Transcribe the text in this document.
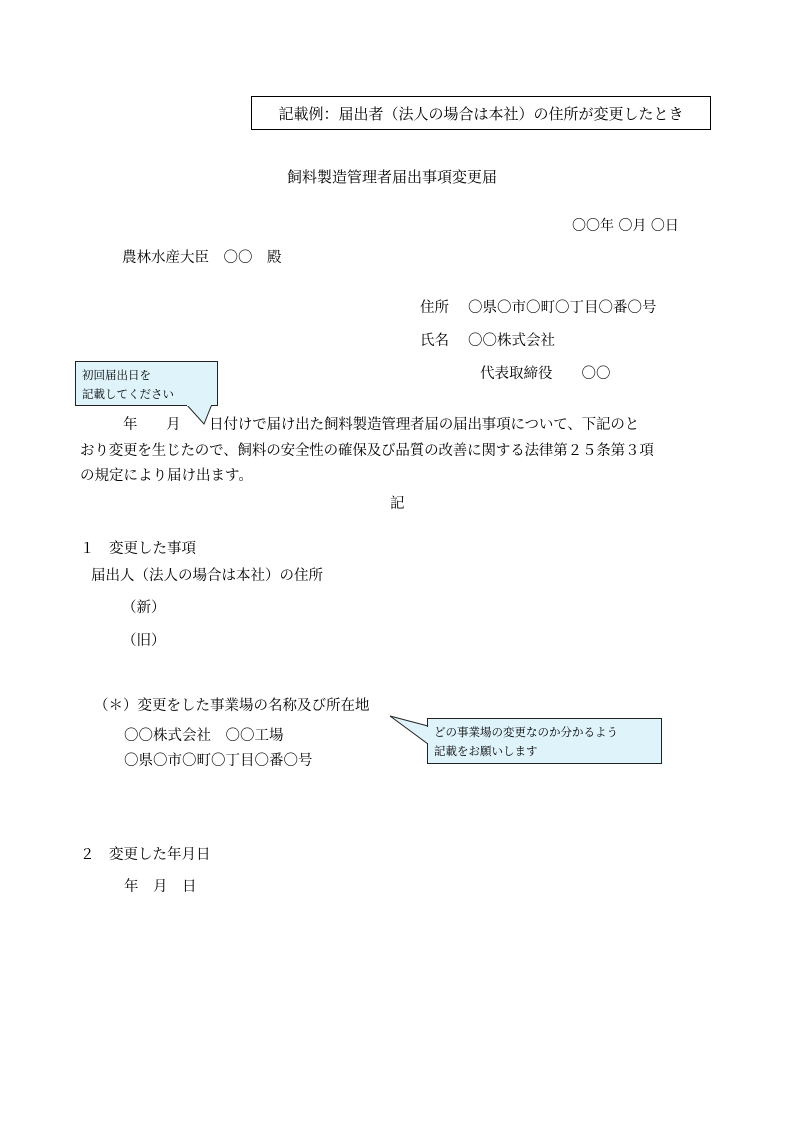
記載例：届出者（法人の場合は本社）の住所が変更したとき
飼料製造管理者届出事項変更届
〇〇年 〇月 〇日
農林水産大臣　〇〇　殿
住所 〇県〇市〇町〇丁目〇番〇号
氏名 〇〇株式会社
代表取締役　　〇〇
初回届出日を
記載してください
　　　年　　月　　日付けで届け出た飼料製造管理者届の届出事項について、下記のと
おり変更を生じたので、飼料の安全性の確保及び品質の改善に関する法律第２５条第３項
の規定により届け出ます。
記
１　変更した事項
届出人（法人の場合は本社）の住所
（新）
（旧）
（＊）変更をした事業場の名称及び所在地
〇〇株式会社　〇〇工場
〇県〇市〇町〇丁目〇番〇号
どの事業場の変更なのか分かるよう
記載をお願いします
２　変更した年月日
年　月　日
